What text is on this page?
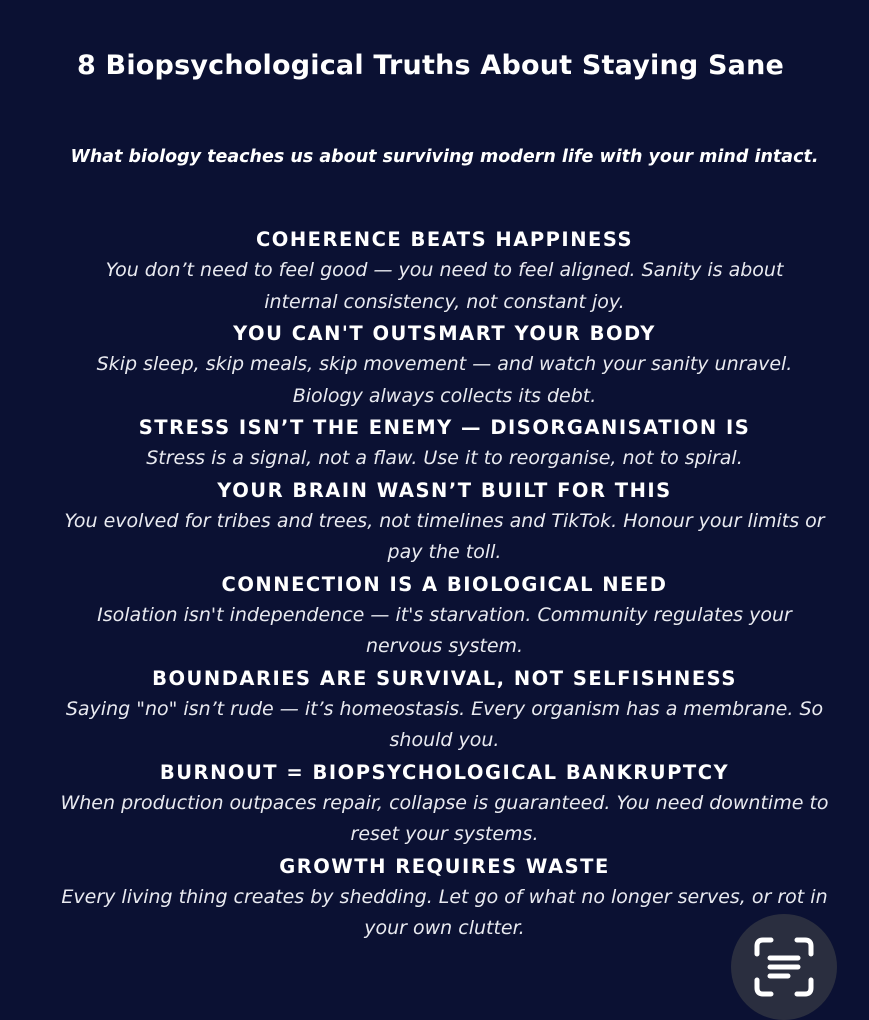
8 Biopsychological Truths About Staying Sane

What biology teaches us about surviving modern life with your mind intact.

COHERENCE BEATS HAPPINESS

You don’t need to feel good — you need to feel aligned. Sanity is about internal consistency, not constant joy.

YOU CAN'T OUTSMART YOUR BODY

Skip sleep, skip meals, skip movement — and watch your sanity unravel. Biology always collects its debt.

STRESS ISN’T THE ENEMY — DISORGANISATION IS

Stress is a signal, not a flaw. Use it to reorganise, not to spiral.

YOUR BRAIN WASN’T BUILT FOR THIS

You evolved for tribes and trees, not timelines and TikTok. Honour your limits or pay the toll.

CONNECTION IS A BIOLOGICAL NEED

Isolation isn't independence — it's starvation. Community regulates your nervous system.

BOUNDARIES ARE SURVIVAL, NOT SELFISHNESS

Saying "no" isn’t rude — it’s homeostasis. Every organism has a membrane. So should you.

BURNOUT = BIOPSYCHOLOGICAL BANKRUPTCY

When production outpaces repair, collapse is guaranteed. You need downtime to reset your systems.

GROWTH REQUIRES WASTE

Every living thing creates by shedding. Let go of what no longer serves, or rot in your own clutter.
